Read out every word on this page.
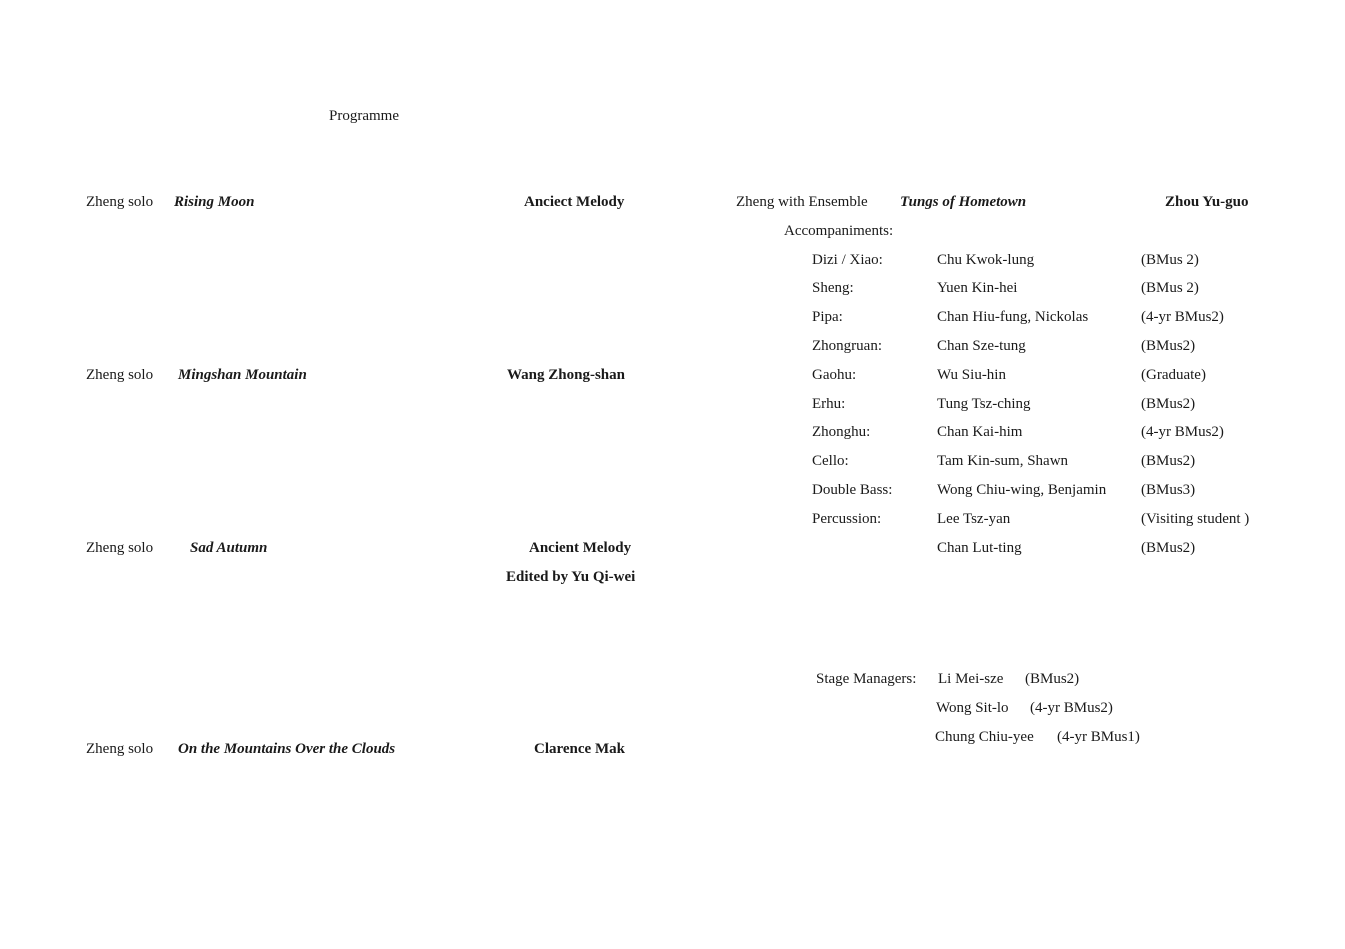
Programme
Zheng solo Rising Moon	Anciect Melody
Zheng solo Mingshan Mountain	Wang Zhong-shan
Zheng solo Sad Autumn	Ancient Melody
Edited by Yu Qi-wei
Zheng solo On the Mountains Over the Clouds	Clarence Mak
Zheng with Ensemble Tungs of Hometown	Zhou Yu-guo
Accompaniments:
Dizi / Xiao:	Chu Kwok-lung	(BMus 2)
Sheng:	Yuen Kin-hei	(BMus 2)
Pipa:	Chan Hiu-fung, Nickolas	(4-yr BMus2)
Zhongruan:	Chan Sze-tung	(BMus2)
Gaohu:	Wu Siu-hin	(Graduate)
Erhu:	Tung Tsz-ching	(BMus2)
Zhonghu:	Chan Kai-him	(4-yr BMus2)
Cello:	Tam Kin-sum, Shawn	(BMus2)
Double Bass:	Wong Chiu-wing, Benjamin (BMus3)
Percussion:	Lee Tsz-yan	(Visiting student )
Chan Lut-ting	(BMus2)
Stage Managers: Li Mei-sze (BMus2)
Wong Sit-lo (4-yr BMus2)
Chung Chiu-yee (4-yr BMus1)
